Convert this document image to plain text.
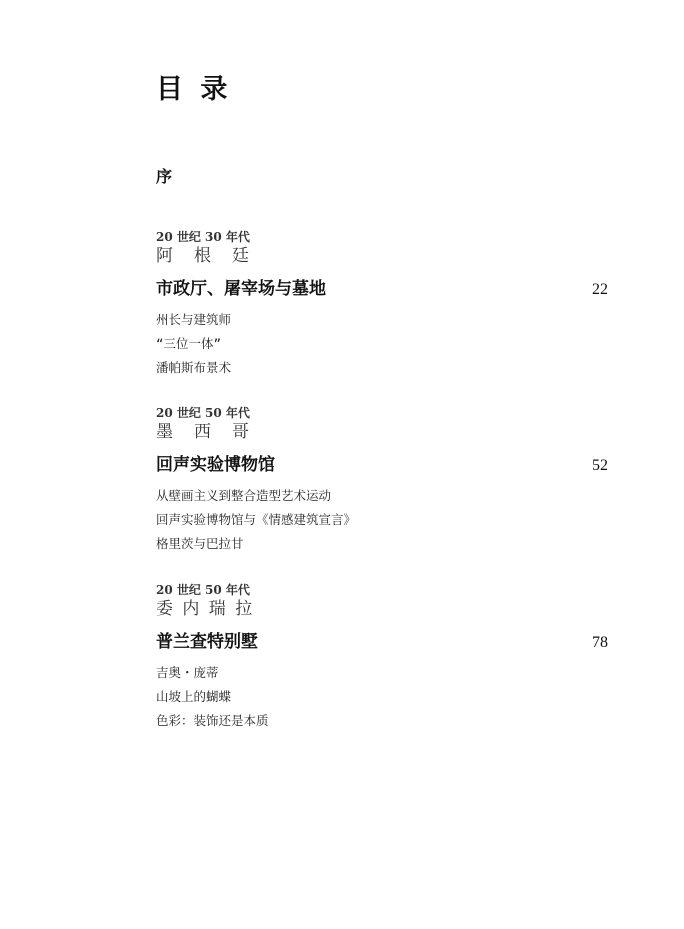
目 录
序
20 世纪 30 年代
阿　根　廷
市政厅、屠宰场与墓地	22
州长与建筑师
“三位一体”
潘帕斯布景术
20 世纪 50 年代
墨　西　哥
回声实验博物馆	52
从壁画主义到整合造型艺术运动
回声实验博物馆与《情感建筑宣言》
格里茨与巴拉甘
20 世纪 50 年代
委 内 瑞 拉
普兰查特别墅	78
吉奥・庞蒂
山坡上的蝴蝶
色彩：装饰还是本质
